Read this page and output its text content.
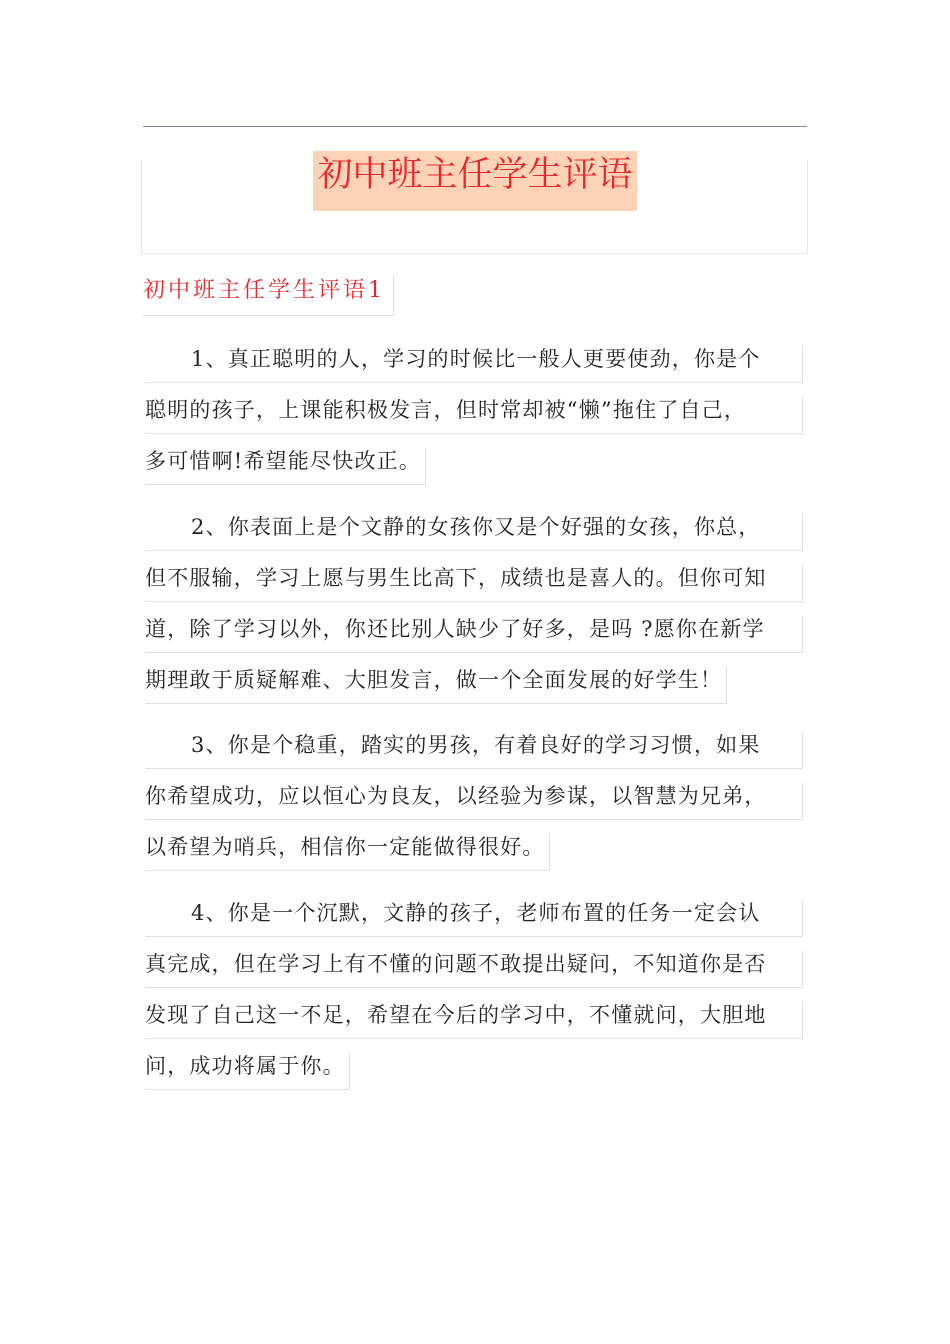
初中班主任学生评语
初中班主任学生评语1
1、真正聪明的人，学习的时候比一般人更要使劲，你是个
聪明的孩子，上课能积极发言，但时常却被“懒”拖住了自己，
多可惜啊!希望能尽快改正。
2、你表面上是个文静的女孩你又是个好强的女孩，你总，
但不服输，学习上愿与男生比高下，成绩也是喜人的。但你可知
道，除了学习以外，你还比别人缺少了好多，是吗 ?愿你在新学
期理敢于质疑解难、大胆发言，做一个全面发展的好学生！
3、你是个稳重，踏实的男孩，有着良好的学习习惯，如果
你希望成功，应以恒心为良友，以经验为参谋，以智慧为兄弟，
以希望为哨兵，相信你一定能做得很好。
4、你是一个沉默，文静的孩子，老师布置的任务一定会认
真完成，但在学习上有不懂的问题不敢提出疑问，不知道你是否
发现了自己这一不足，希望在今后的学习中，不懂就问，大胆地
问，成功将属于你。
